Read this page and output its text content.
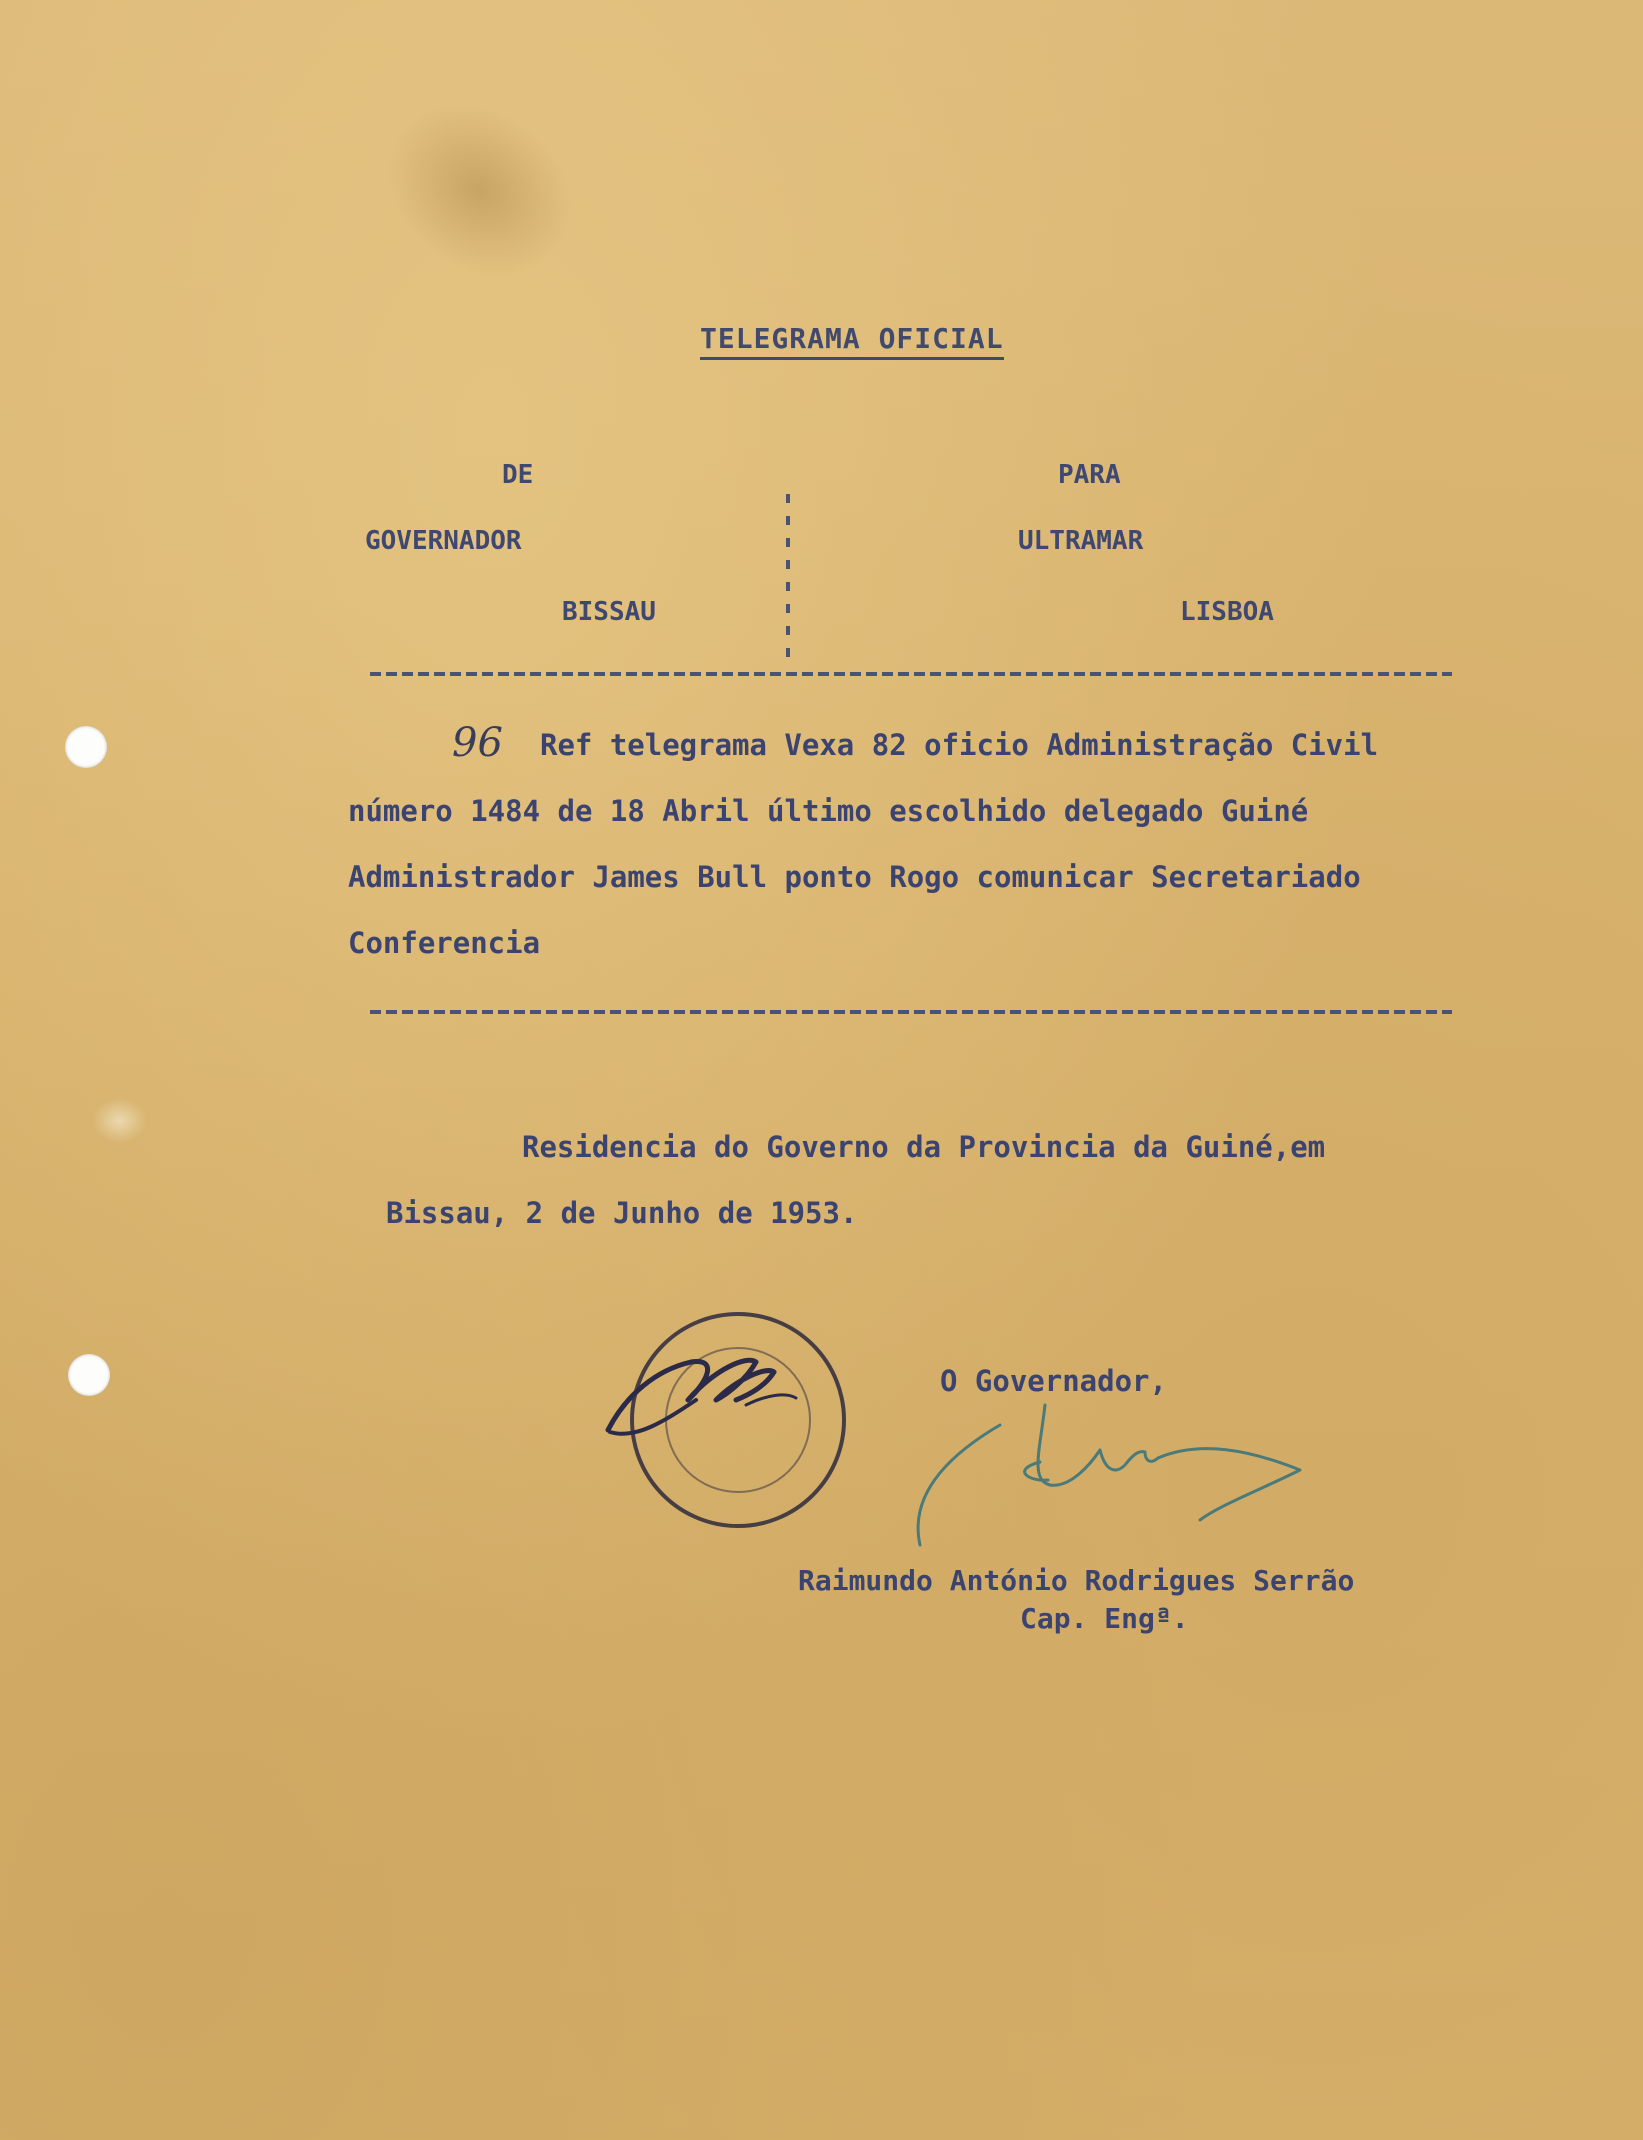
TELEGRAMA OFICIAL
DE	PARA
GOVERNADOR	ULTRAMAR
BISSAU	LISBOA
96 Ref telegrama Vexa 82 oficio Administração Civil
número 1484 de 18 Abril último escolhido delegado Guiné
Administrador James Bull ponto Rogo comunicar Secretariado
Conferencia
Residencia do Governo da Provincia da Guiné,em
Bissau, 2 de Junho de 1953.
O Governador,
Raimundo António Rodrigues Serrão
Cap. Engª.
